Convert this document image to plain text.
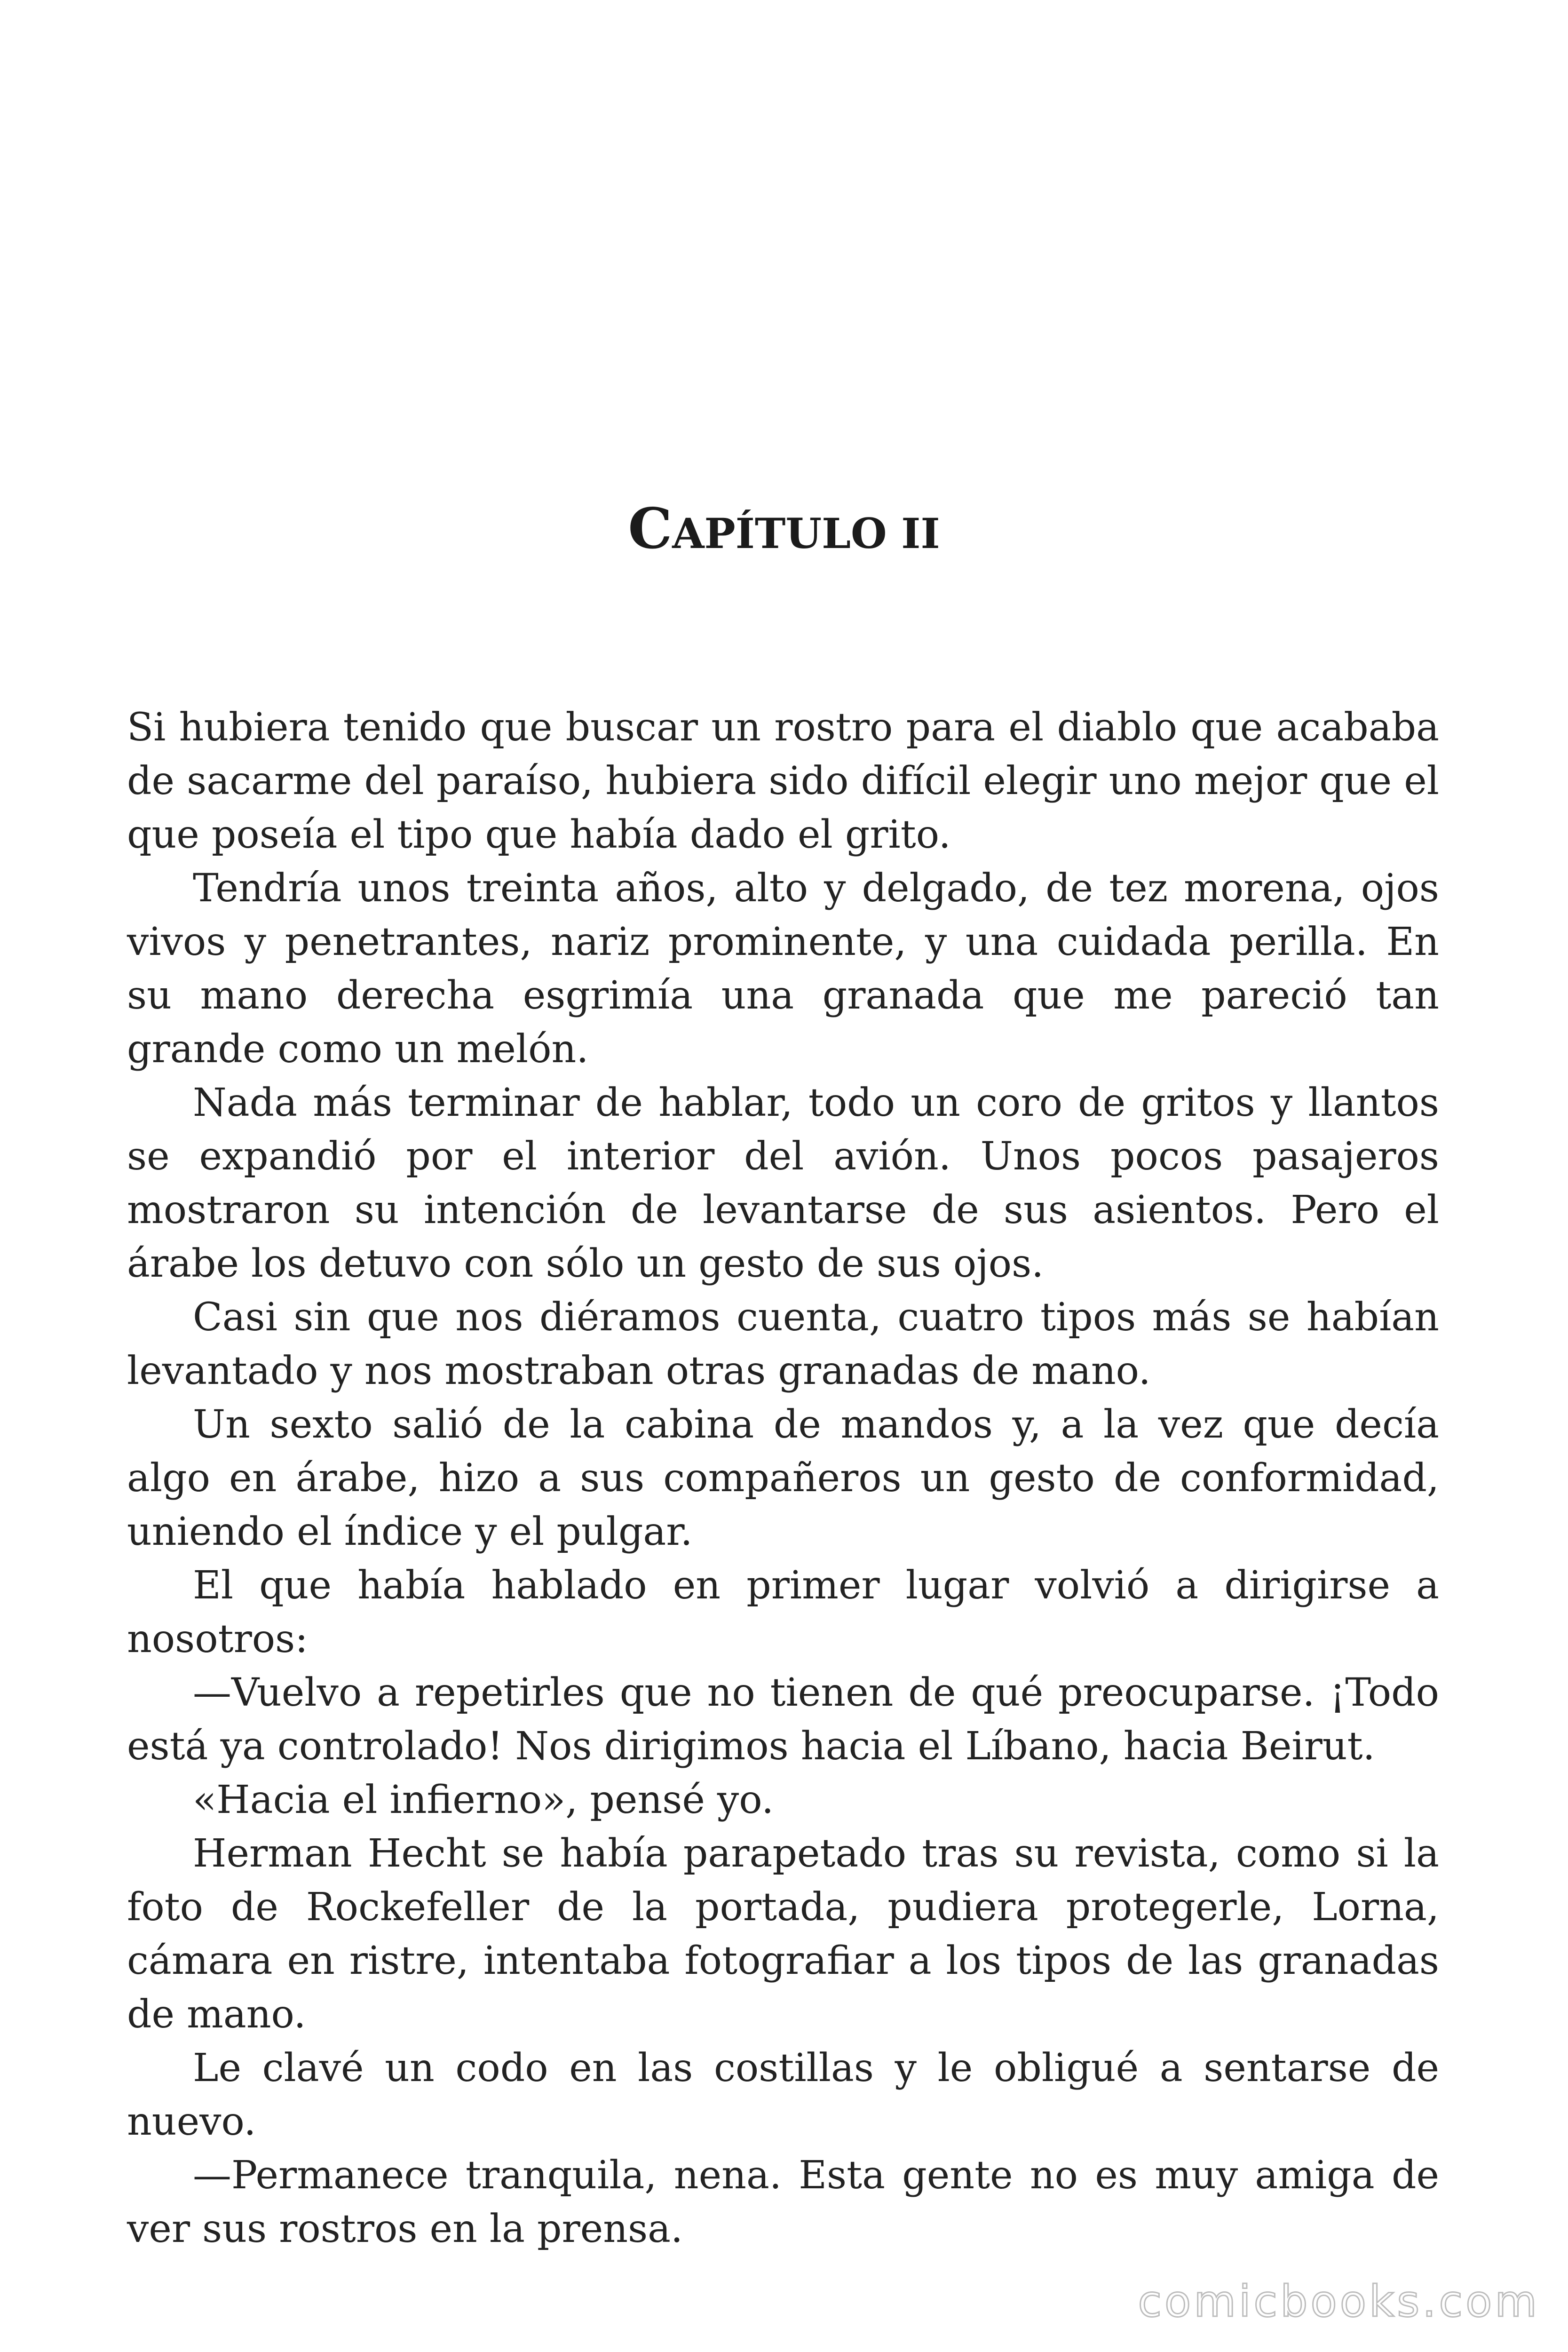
CAPÍTULO II

Si hubiera tenido que buscar un rostro para el diablo que acababa de sacarme del paraíso, hubiera sido difícil elegir uno mejor que el que poseía el tipo que había dado el grito.

Tendría unos treinta años, alto y delgado, de tez morena, ojos vivos y penetrantes, nariz prominente, y una cuidada perilla. En su mano derecha esgrimía una granada que me pareció tan grande como un melón.

Nada más terminar de hablar, todo un coro de gritos y llantos se expandió por el interior del avión. Unos pocos pasajeros mostraron su intención de levantarse de sus asientos. Pero el árabe los detuvo con sólo un gesto de sus ojos.

Casi sin que nos diéramos cuenta, cuatro tipos más se habían levantado y nos mostraban otras granadas de mano.

Un sexto salió de la cabina de mandos y, a la vez que decía algo en árabe, hizo a sus compañeros un gesto de conformidad, uniendo el índice y el pulgar.

El que había hablado en primer lugar volvió a dirigirse a nosotros:

—Vuelvo a repetirles que no tienen de qué preocuparse. ¡Todo está ya controlado! Nos dirigimos hacia el Líbano, hacia Beirut.

«Hacia el infierno», pensé yo.

Herman Hecht se había parapetado tras su revista, como si la foto de Rockefeller de la portada, pudiera protegerle, Lorna, cámara en ristre, intentaba fotografiar a los tipos de las granadas de mano.

Le clavé un codo en las costillas y le obligué a sentarse de nuevo.

—Permanece tranquila, nena. Esta gente no es muy amiga de ver sus rostros en la prensa.

comicbooks.com
